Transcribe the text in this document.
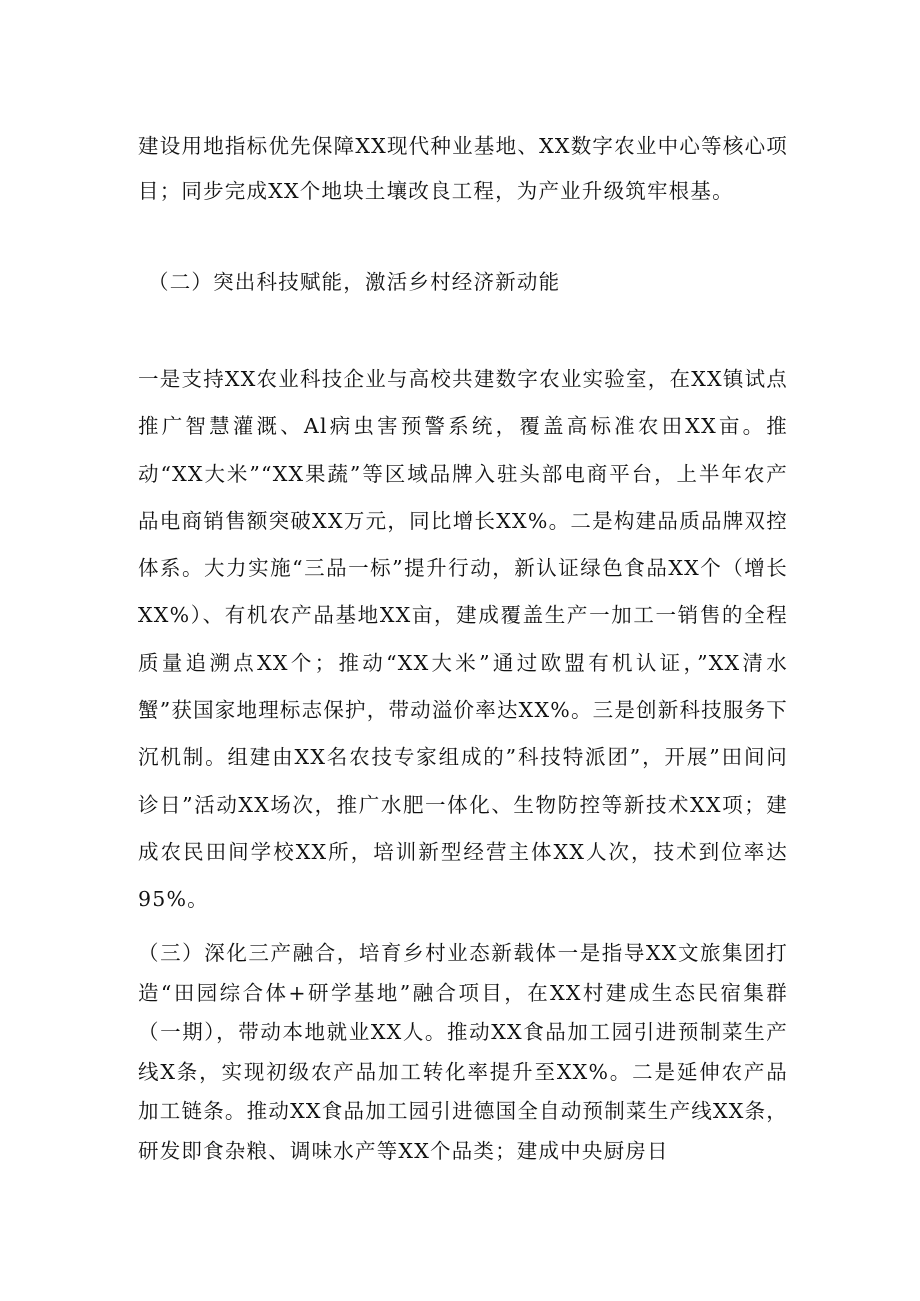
建设用地指标优先保障XX现代种业基地、XX数字农业中心等核心项目；同步完成XX个地块土壤改良工程，为产业升级筑牢根基。

（二）突出科技赋能，激活乡村经济新动能

一是支持XX农业科技企业与高校共建数字农业实验室，在XX镇试点推广智慧灌溉、Al病虫害预警系统，覆盖高标准农田XX亩。推动“XX大米”“XX果蔬”等区域品牌入驻头部电商平台，上半年农产品电商销售额突破XX万元，同比增长XX%。二是构建品质品牌双控体系。大力实施“三品一标”提升行动，新认证绿色食品XX个（增长XX%）、有机农产品基地XX亩，建成覆盖生产一加工一销售的全程质量追溯点XX个；推动“XX大米”通过欧盟有机认证，”XX清水蟹”获国家地理标志保护，带动溢价率达XX%。三是创新科技服务下沉机制。组建由XX名农技专家组成的”科技特派团”，开展”田间问诊日”活动XX场次，推广水肥一体化、生物防控等新技术XX项；建成农民田间学校XX所，培训新型经营主体XX人次，技术到位率达95%。

（三）深化三产融合，培育乡村业态新载体一是指导XX文旅集团打造“田园综合体+研学基地”融合项目，在XX村建成生态民宿集群（一期），带动本地就业XX人。推动XX食品加工园引进预制菜生产线X条，实现初级农产品加工转化率提升至XX%。二是延伸农产品加工链条。推动XX食品加工园引进德国全自动预制菜生产线XX条，研发即食杂粮、调味水产等XX个品类；建成中央厨房日
